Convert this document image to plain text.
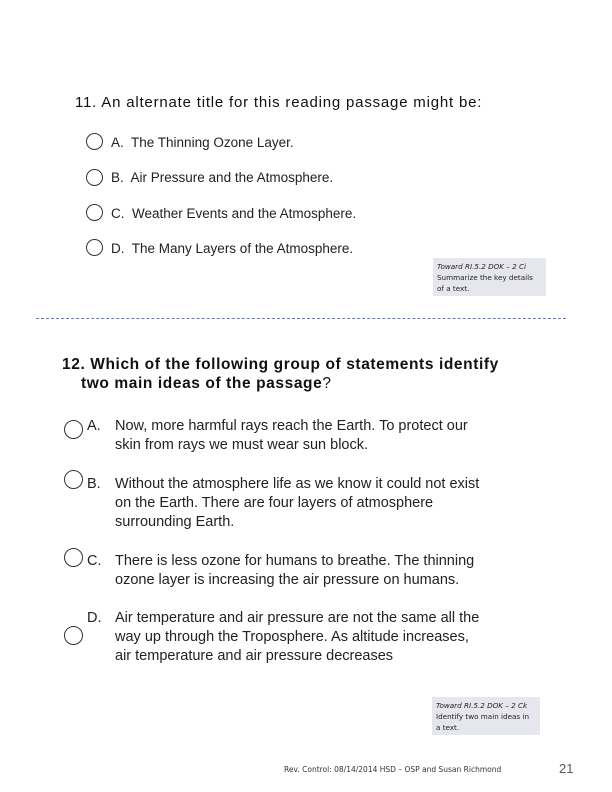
11. An alternate title for this reading passage might be:
A. The Thinning Ozone Layer.
B. Air Pressure and the Atmosphere.
C. Weather Events and the Atmosphere.
D. The Many Layers of the Atmosphere.
Toward RI.5.2 DOK – 2 Ci
Summarize the key details
of a text.
12. Which of the following group of statements identify
two main ideas of the passage?
A. Now, more harmful rays reach the Earth. To protect our
skin from rays we must wear sun block.
B. Without the atmosphere life as we know it could not exist
on the Earth. There are four layers of atmosphere
surrounding Earth.
C. There is less ozone for humans to breathe. The thinning
ozone layer is increasing the air pressure on humans.
D. Air temperature and air pressure are not the same all the
way up through the Troposphere. As altitude increases,
air temperature and air pressure decreases
Toward RI.5.2 DOK – 2 Ck
Identify two main ideas in
a text.
Rev. Control: 08/14/2014 HSD – OSP and Susan Richmond	21
